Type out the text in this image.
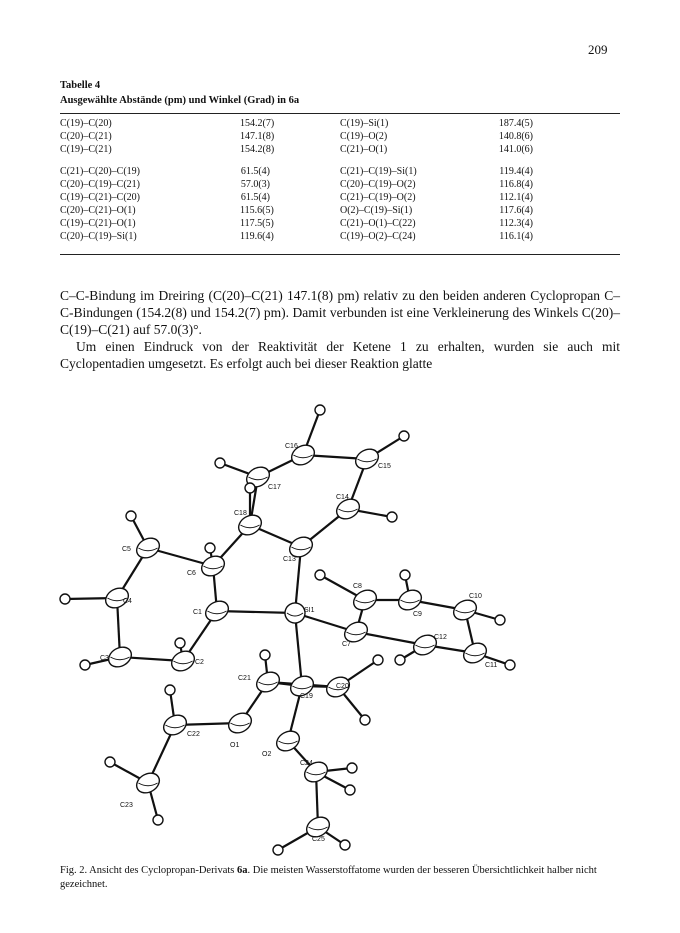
209
Tabelle 4
Ausgewählte Abstände (pm) und Winkel (Grad) in 6a
C(19)–C(20)	154.2(7)	C(19)–Si(1)	187.4(5)
C(20)–C(21)	147.1(8)	C(19)–O(2)	140.8(6)
C(19)–C(21)	154.2(8)	C(21)–O(1)	141.0(6)
C(21)–C(20)–C(19)	61.5(4)	C(21)–C(19)–Si(1)	119.4(4)
C(20)–C(19)–C(21)	57.0(3)	C(20)–C(19)–O(2)	116.8(4)
C(19)–C(21)–C(20)	61.5(4)	C(21)–C(19)–O(2)	112.1(4)
C(20)–C(21)–O(1)	115.6(5)	O(2)–C(19)–Si(1)	117.6(4)
C(19)–C(21)–O(1)	117.5(5)	C(21)–O(1)–C(22)	112.3(4)
C(20)–C(19)–Si(1)	119.6(4)	C(19)–O(2)–C(24)	116.1(4)

C–C-Bindung im Dreiring (C(20)–C(21) 147.1(8) pm) relativ zu den beiden anderen Cyclopropan C–C-Bindungen (154.2(8) und 154.2(7) pm). Damit verbunden ist eine Verkleinerung des Winkels C(20)–C(19)–C(21) auf 57.0(3)°.

Um einen Eindruck von der Reaktivität der Ketene 1 zu erhalten, wurden sie auch mit Cyclopentadien umgesetzt. Es erfolgt auch bei dieser Reaktion glatte

C16
C15
C17
C14
C18
C5
C6
C13
C8
C4
C1	SI1
C9
C10
C7
C12
C3
C2	C11
C21
C19
C20
C22
O1
O2
C24
C23
C25
Fig. 2. Ansicht des Cyclopropan-Derivats 6a. Die meisten Wasserstoffatome wurden der besseren Übersichtlichkeit halber nicht gezeichnet.
